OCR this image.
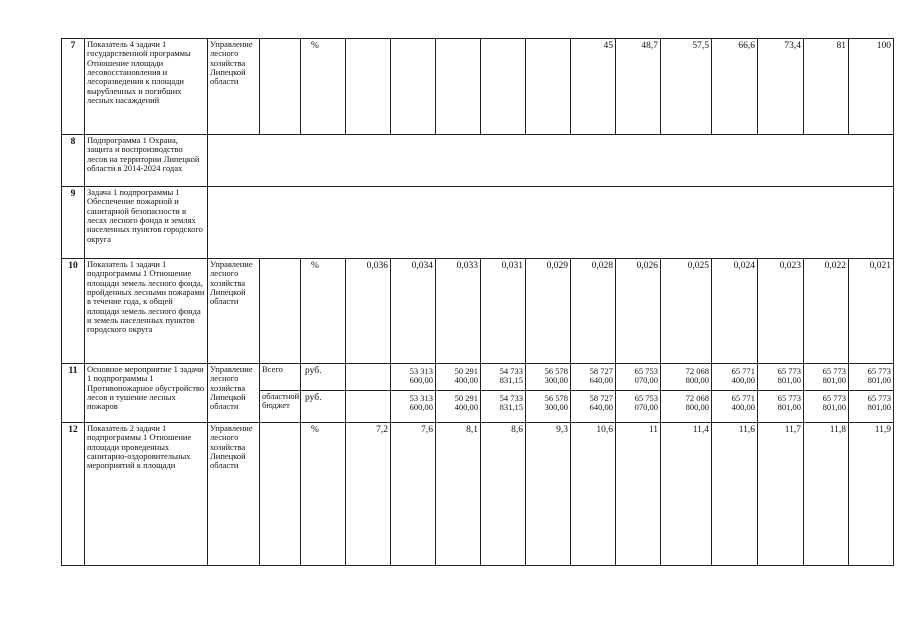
7	Показатель 4 задачи 1 государственной программы Отношение площади лесовосстановления и лесоразведения к площади вырубленных и погибших лесных насаждений	Управление лесного хозяйства Липецкой области		%						45	48,7	57,5	66,6	73,4	81	100
8	Подпрограмма 1 Охрана, защита и воспроизводство лесов на территории Липецкой области в 2014-2024 годах															
9	Задача 1 подпрограммы 1 Обеспечение пожарной и санитарной безопасности в лесах лесного фонда и землях населенных пунктов городского округа															
10	Показатель 1 задачи 1 подпрограммы 1 Отношение площади земель лесного фонда, пройденных лесными пожарами в течение года, к общей площади земель лесного фонда и земель населенных пунктов городского округа	Управление лесного хозяйства Липецкой области		%	0,036	0,034	0,033	0,031	0,029	0,028	0,026	0,025	0,024	0,023	0,022	0,021
11	Основное мероприятие 1 задачи 1 подпрограммы 1 Противопожарное обустройство лесов и тушение лесных пожаров	Управление лесного хозяйства Липецкой области	Всего	руб.		53 313 600,00	50 291 400,00	54 733 831,15	56 578 300,00	58 727 640,00	65 753 070,00	72 068 800,00	65 771 400,00	65 773 801,00	65 773 801,00	65 773 801,00
			областной бюджет	руб.		53 313 600,00	50 291 400,00	54 733 831,15	56 578 300,00	58 727 640,00	65 753 070,00	72 068 800,00	65 771 400,00	65 773 801,00	65 773 801,00	65 773 801,00
12	Показатель 2 задачи 1 подпрограммы 1 Отношение площади проведенных санитарно-оздоровительных мероприятий к площади	Управление лесного хозяйства Липецкой области		%	7,2	7,6	8,1	8,6	9,3	10,6	11	11,4	11,6	11,7	11,8	11,9
